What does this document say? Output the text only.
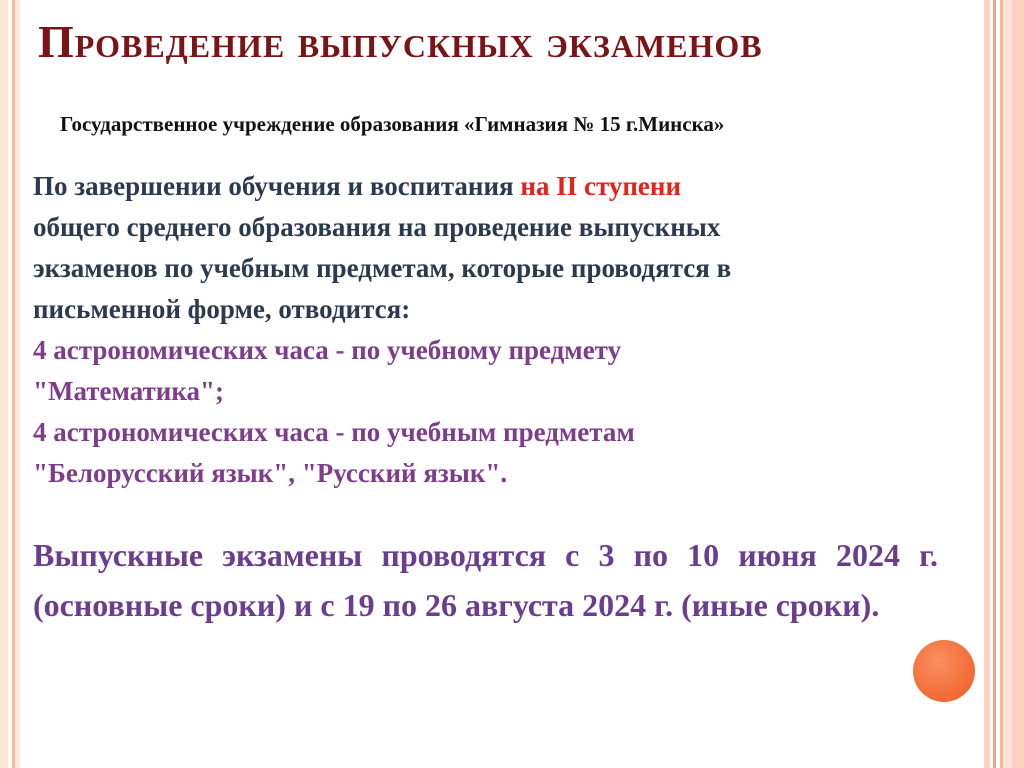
Проведение выпускных экзаменов
Государственное учреждение образования «Гимназия № 15 г.Минска»
По завершении обучения и воспитания на II ступени
общего среднего образования на проведение выпускных
экзаменов по учебным предметам, которые проводятся в
письменной форме, отводится:
4 астрономических часа - по учебному предмету
"Математика";
4 астрономических часа - по учебным предметам
"Белорусский язык", "Русский язык".
Выпускные экзамены проводятся с 3 по 10 июня 2024 г. (основные сроки) и с 19 по 26 августа 2024 г. (иные сроки).
